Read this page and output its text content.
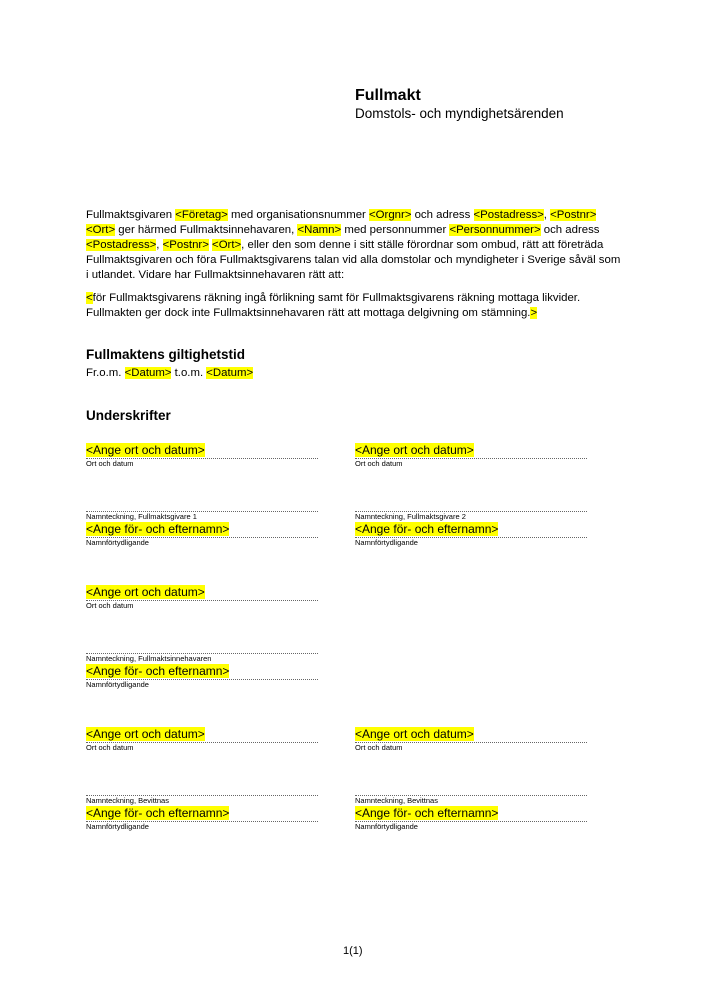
Fullmakt
Domstols- och myndighetsärenden
Fullmaktsgivaren <Företag> med organisationsnummer <Orgnr> och adress <Postadress>, <Postnr> <Ort> ger härmed Fullmaktsinnehavaren, <Namn> med personnummer <Personnummer> och adress <Postadress>, <Postnr> <Ort>, eller den som denne i sitt ställe förordnar som ombud, rätt att företräda Fullmaktsgivaren och föra Fullmaktsgivarens talan vid alla domstolar och myndigheter i Sverige såväl som i utlandet. Vidare har Fullmaktsinnehavaren rätt att:
<för Fullmaktsgivarens räkning ingå förlikning samt för Fullmaktsgivarens räkning mottaga likvider. Fullmakten ger dock inte Fullmaktsinnehavaren rätt att mottaga delgivning om stämning.>
Fullmaktens giltighetstid
Fr.o.m. <Datum> t.o.m. <Datum>
Underskrifter
<Ange ort och datum>
Ort och datum
Namnteckning, Fullmaktsgivare 1
<Ange för- och efternamn>
Namnförtydligande
<Ange ort och datum>
Ort och datum
Namnteckning, Fullmaktsgivare 2
<Ange för- och efternamn>
Namnförtydligande
<Ange ort och datum>
Ort och datum
Namnteckning, Fullmaktsinnehavaren
<Ange för- och efternamn>
Namnförtydligande
<Ange ort och datum>
Ort och datum
Namnteckning, Bevittnas
<Ange för- och efternamn>
Namnförtydligande
<Ange ort och datum>
Ort och datum
Namnteckning, Bevittnas
<Ange för- och efternamn>
Namnförtydligande
1(1)
